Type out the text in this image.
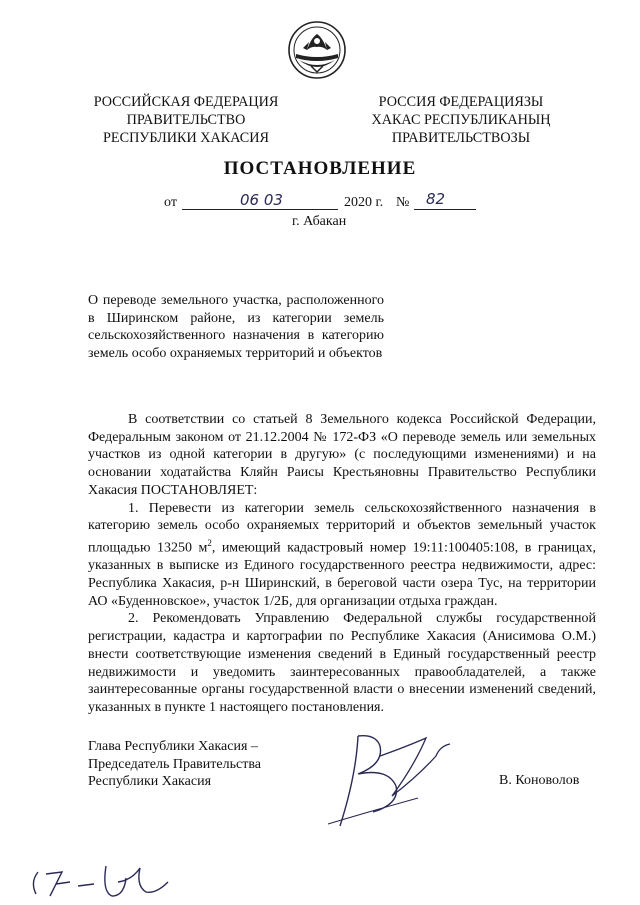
РОССИЙСКАЯ ФЕДЕРАЦИЯ
ПРАВИТЕЛЬСТВО
РЕСПУБЛИКИ ХАКАСИЯ
РОССИЯ ФЕДЕРАЦИЯЗЫ
ХАКАС РЕСПУБЛИКАНЫҢ
ПРАВИТЕЛЬСТВОЗЫ
ПОСТАНОВЛЕНИЕ
от	06 03	2020 г. № 82
г. Абакан
О переводе земельного участка, расположенного в Ширинском районе, из категории земель сельскохозяйственного назначения в категорию земель особо охраняемых территорий и объектов

В соответствии со статьей 8 Земельного кодекса Российской Федерации, Федеральным законом от 21.12.2004 № 172-ФЗ «О переводе земель или земельных участков из одной категории в другую» (с последующими изменениями) и на основании ходатайства Кляйн Раисы Крестьяновны Правительство Республики Хакасия ПОСТАНОВЛЯЕТ:

1. Перевести из категории земель сельскохозяйственного назначения в категорию земель особо охраняемых территорий и объектов земельный участок площадью 13250 $м^2$, имеющий кадастровый номер 19:11:100405:108, в границах, указанных в выписке из Единого государственного реестра недвижимости, адрес: Республика Хакасия, р-н Ширинский, в береговой части озера Тус, на территории АО «Буденновское», участок 1/2Б, для организации отдыха граждан.

2. Рекомендовать Управлению Федеральной службы государственной регистрации, кадастра и картографии по Республике Хакасия (Анисимова О.М.) внести соответствующие изменения сведений в Единый государственный реестр недвижимости и уведомить заинтересованных правообладателей, а также заинтересованные органы государственной власти о внесении изменений сведений, указанных в пункте 1 настоящего постановления.

Глава Республики Хакасия –
Председатель Правительства
Республики Хакасия	В. Коноволов
